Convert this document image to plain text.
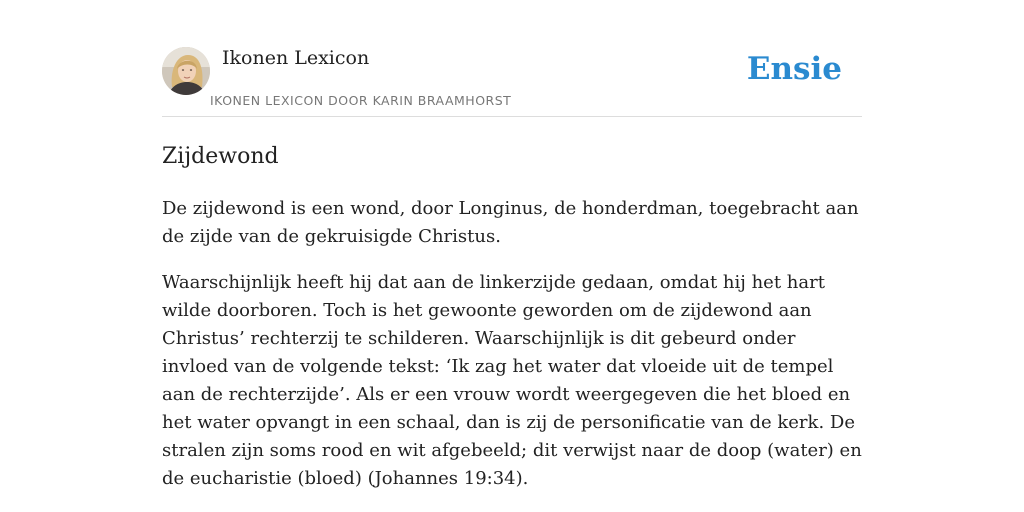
Ikonen Lexicon
IKONEN LEXICON DOOR KARIN BRAAMHORST
Ensie
Zijdewond

De zijdewond is een wond, door Longinus, de honderdman, toegebracht aan de zijde van de gekruisigde Christus.

Waarschijnlijk heeft hij dat aan de linkerzijde gedaan, omdat hij het hart wilde doorboren. Toch is het gewoonte geworden om de zijdewond aan Christus’ rechterzij te schilderen. Waarschijnlijk is dit gebeurd onder invloed van de volgende tekst: ‘Ik zag het water dat vloeide uit de tempel aan de rechterzijde’. Als er een vrouw wordt weergegeven die het bloed en het water opvangt in een schaal, dan is zij de personificatie van de kerk. De stralen zijn soms rood en wit afgebeeld; dit verwijst naar de doop (water) en de eucharistie (bloed) (Johannes 19:34).
